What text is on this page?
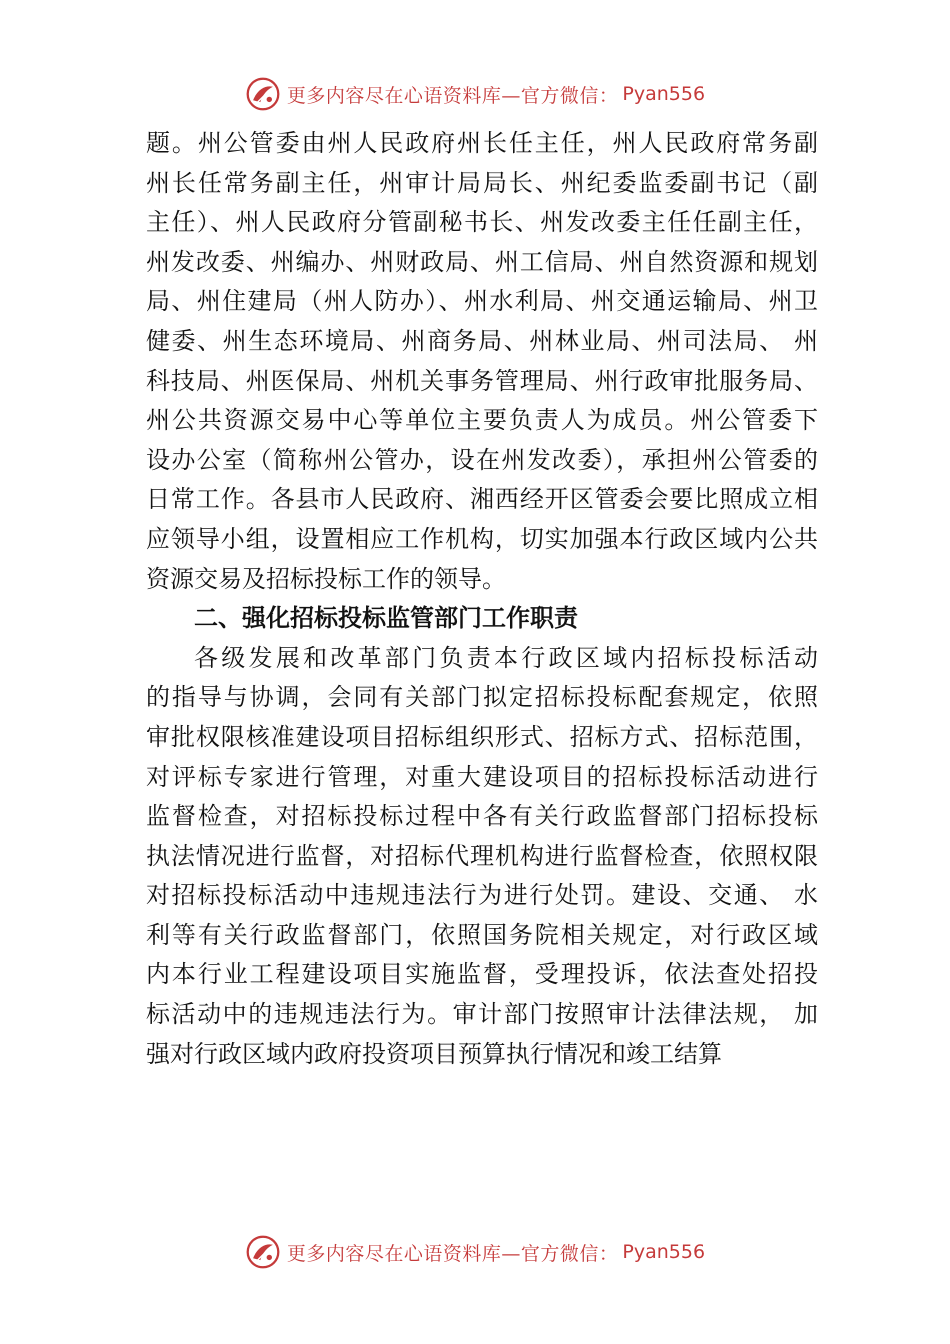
更多内容尽在心语资料库—官方微信： Pyan556
题。州公管委由州人民政府州长任主任，州人民政府常务副
州长任常务副主任，州审计局局长、州纪委监委副书记（副
主任）、州人民政府分管副秘书长、州发改委主任任副主任，
州发改委、州编办、州财政局、州工信局、州自然资源和规划
局、州住建局（州人防办）、州水利局、州交通运输局、州卫
健委、州生态环境局、州商务局、州林业局、州司法局、 州
科技局、州医保局、州机关事务管理局、州行政审批服务局、
州公共资源交易中心等单位主要负责人为成员。州公管委下
设办公室（简称州公管办，设在州发改委），承担州公管委的
日常工作。各县市人民政府、湘西经开区管委会要比照成立相
应领导小组，设置相应工作机构，切实加强本行政区域内公共
资源交易及招标投标工作的领导。
二、强化招标投标监管部门工作职责
各级发展和改革部门负责本行政区域内招标投标活动
的指导与协调，会同有关部门拟定招标投标配套规定，依照
审批权限核准建设项目招标组织形式、招标方式、招标范围，
对评标专家进行管理，对重大建设项目的招标投标活动进行
监督检查，对招标投标过程中各有关行政监督部门招标投标
执法情况进行监督，对招标代理机构进行监督检查，依照权限
对招标投标活动中违规违法行为进行处罚。建设、交通、 水
利等有关行政监督部门，依照国务院相关规定，对行政区域
内本行业工程建设项目实施监督，受理投诉，依法查处招投
标活动中的违规违法行为。审计部门按照审计法律法规， 加
强对行政区域内政府投资项目预算执行情况和竣工结算
更多内容尽在心语资料库—官方微信： Pyan556
